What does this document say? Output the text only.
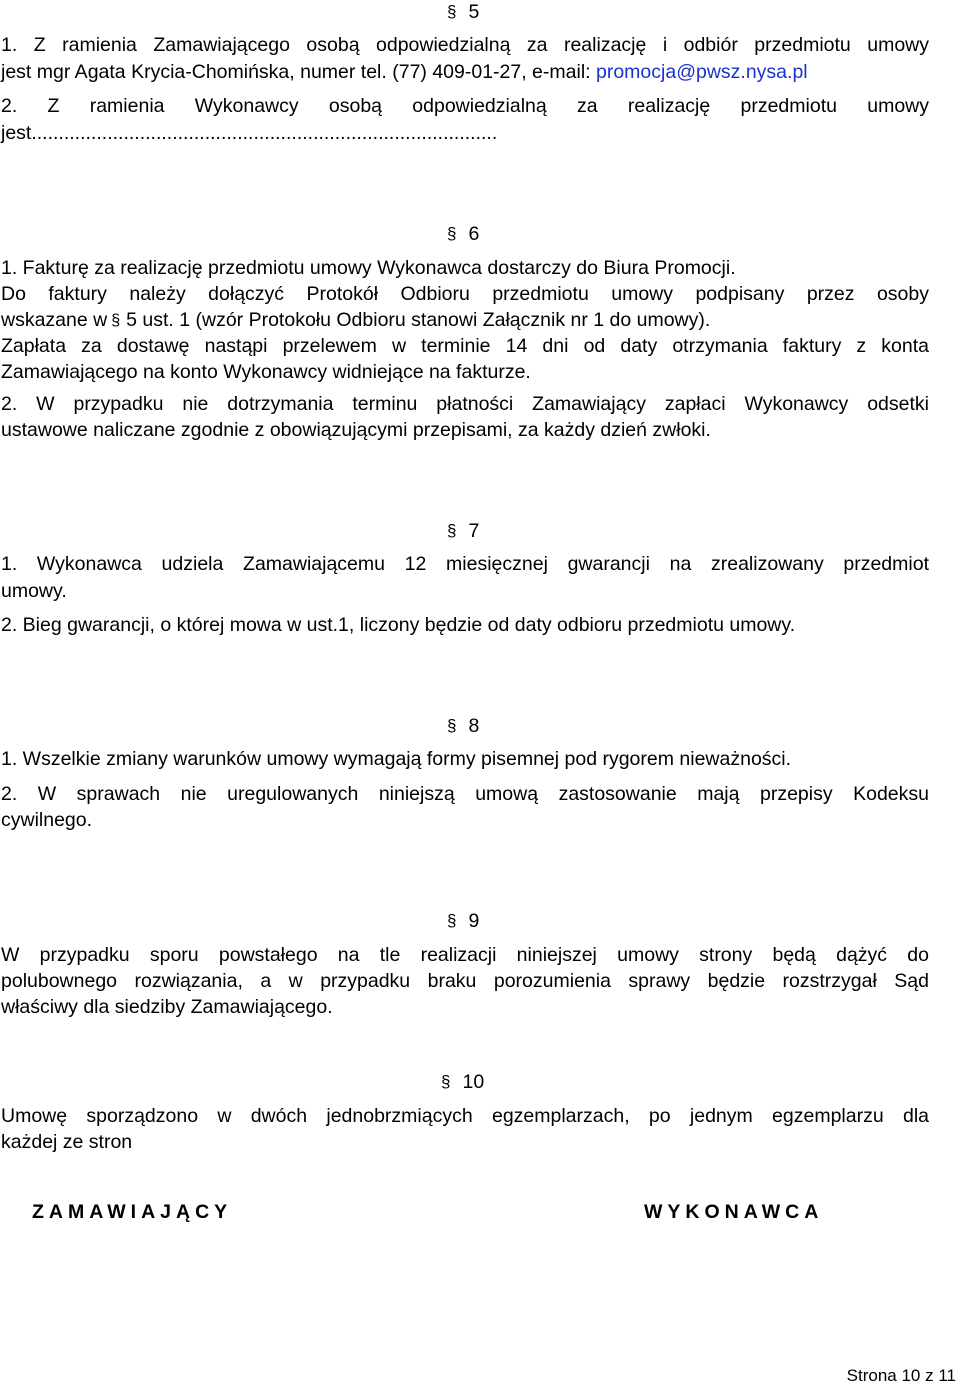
§ 5

1. Z ramienia Zamawiającego osobą odpowiedzialną za realizację i odbiór przedmiotu umowy

jest mgr Agata Krycia-Chomińska, numer tel. (77) 409-01-27, e-mail: promocja@pwsz.nysa.pl

2. Z ramienia Wykonawcy osobą odpowiedzialną za realizację przedmiotu umowy

jest......................................................................................

§ 6

1. Fakturę za realizację przedmiotu umowy Wykonawca dostarczy do Biura Promocji.

Do faktury należy dołączyć Protokół Odbioru przedmiotu umowy podpisany przez osoby

wskazane w § 5 ust. 1 (wzór Protokołu Odbioru stanowi Załącznik nr 1 do umowy).

Zapłata za dostawę nastąpi przelewem w terminie 14 dni od daty otrzymania faktury z konta

Zamawiającego na konto Wykonawcy widniejące na fakturze.

2. W przypadku nie dotrzymania terminu płatności Zamawiający zapłaci Wykonawcy odsetki

ustawowe naliczane zgodnie z obowiązującymi przepisami, za każdy dzień zwłoki.

§ 7

1. Wykonawca udziela Zamawiającemu 12 miesięcznej gwarancji na zrealizowany przedmiot

umowy.

2. Bieg gwarancji, o której mowa w ust.1, liczony będzie od daty odbioru przedmiotu umowy.

§ 8

1. Wszelkie zmiany warunków umowy wymagają formy pisemnej pod rygorem nieważności.

2. W sprawach nie uregulowanych niniejszą umową zastosowanie mają przepisy Kodeksu

cywilnego.

§ 9

W przypadku sporu powstałego na tle realizacji niniejszej umowy strony będą dążyć do

polubownego rozwiązania, a w przypadku braku porozumienia sprawy będzie rozstrzygał Sąd

właściwy dla siedziby Zamawiającego.

§ 10

Umowę sporządzono w dwóch jednobrzmiących egzemplarzach, po jednym egzemplarzu dla

każdej ze stron

ZAMAWIAJĄCY	WYKONAWCA
Strona 10 z 11
